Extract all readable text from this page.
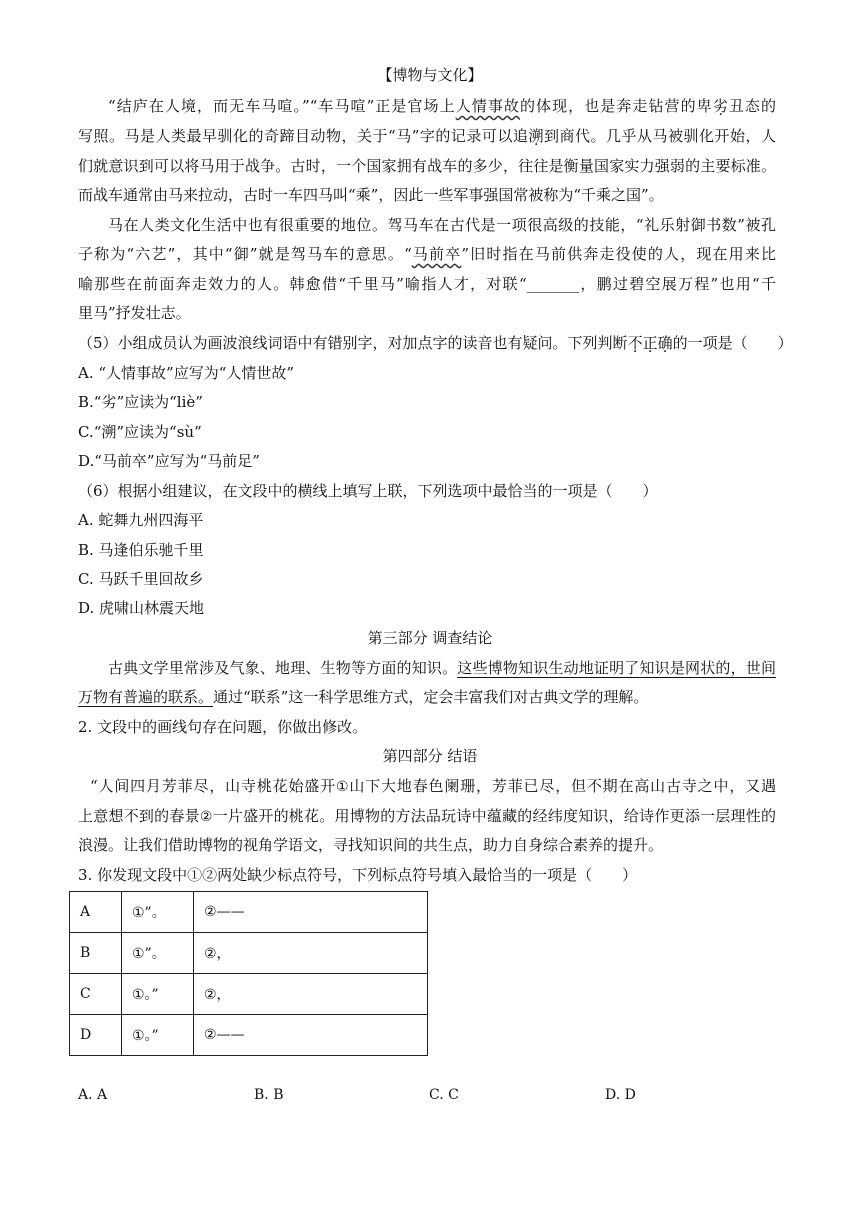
【博物与文化】
“结庐在人境，而无车马喧。”“车马喧”正是官场上人情事故的体现，也是奔走钻营的卑劣丑态的
写照。马是人类最早驯化的奇蹄目动物，关于“马”字的记录可以追溯到商代。几乎从马被驯化开始，人
们就意识到可以将马用于战争。古时，一个国家拥有战车的多少，往往是衡量国家实力强弱的主要标准。
而战车通常由马来拉动，古时一车四马叫“乘”，因此一些军事强国常被称为“千乘之国”。
马在人类文化生活中也有很重要的地位。驾马车在古代是一项很高级的技能，“礼乐射御书数”被孔
子称为“六艺”，其中“御”就是驾马车的意思。“马前卒”旧时指在马前供奔走役使的人，现在用来比
喻那些在前面奔走效力的人。韩愈借“千里马”喻指人才，对联“_______，鹏过碧空展万程”也用“千
里马”抒发壮志。
（5）小组成员认为画波浪线词语中有错别字，对加点字的读音也有疑问。下列判断不正确的一项是（　　）
A. “人情事故”应写为“人情世故”
B.“劣”应读为“liè”
C.“溯”应读为“sù”
D.“马前卒”应写为“马前足”
（6）根据小组建议，在文段中的横线上填写上联，下列选项中最恰当的一项是（　　）
A. 蛇舞九州四海平
B. 马逢伯乐驰千里
C. 马跃千里回故乡
D. 虎啸山林震天地
第三部分 调查结论
古典文学里常涉及气象、地理、生物等方面的知识。这些博物知识生动地证明了知识是网状的，世间
万物有普遍的联系。通过“联系”这一科学思维方式，定会丰富我们对古典文学的理解。
2. 文段中的画线句存在问题，你做出修改。
第四部分 结语
“人间四月芳菲尽，山寺桃花始盛开①山下大地春色阑珊，芳菲已尽，但不期在高山古寺之中，又遇
上意想不到的春景②一片盛开的桃花。用博物的方法品玩诗中蕴藏的经纬度知识，给诗作更添一层理性的
浪漫。让我们借助博物的视角学语文，寻找知识间的共生点，助力自身综合素养的提升。
3. 你发现文段中①②两处缺少标点符号，下列标点符号填入最恰当的一项是（　　）
A	①”。	②——
B	①”。	②，
C	①。”	②，
D	①。”	②——
A. A	B. B	C. C	D. D
